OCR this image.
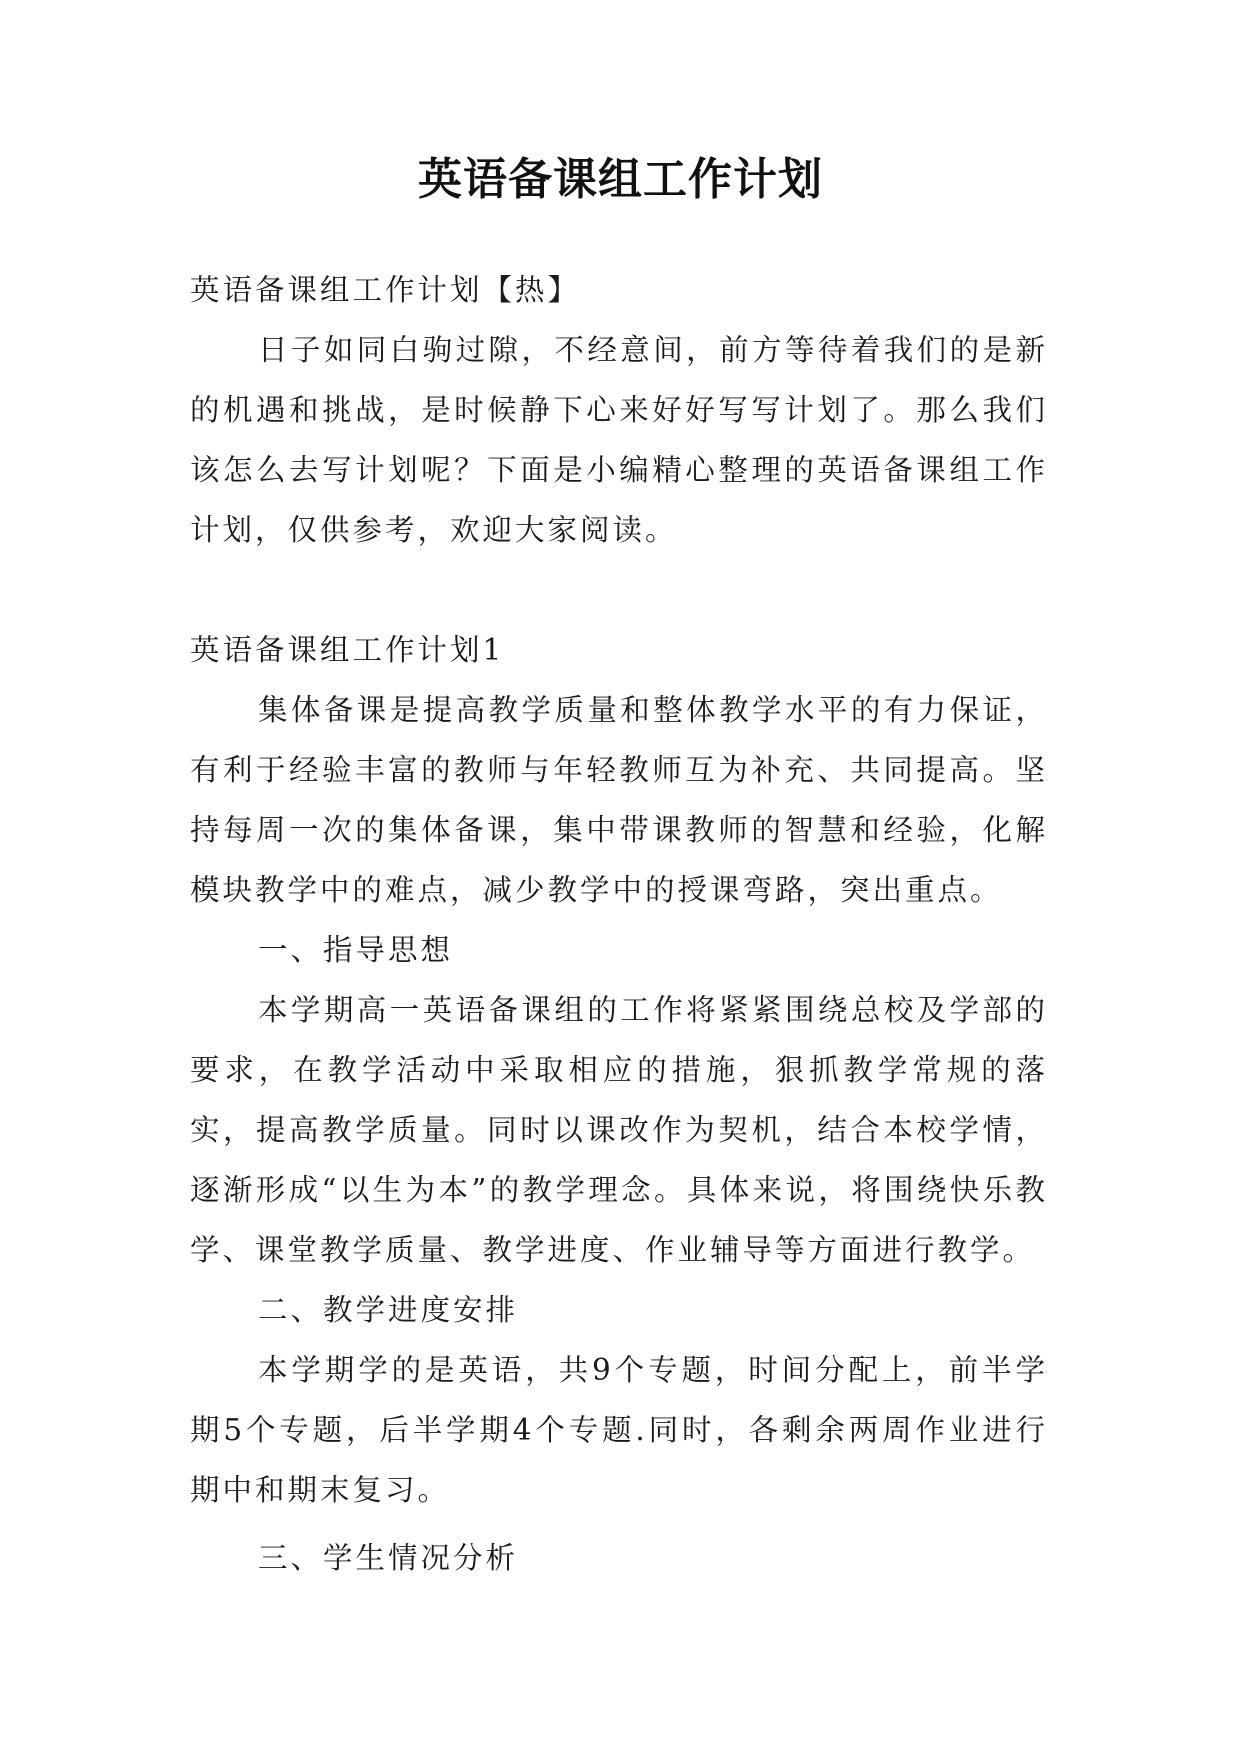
英语备课组工作计划

英语备课组工作计划【热】

日子如同白驹过隙，不经意间，前方等待着我们的是新的机遇和挑战，是时候静下心来好好写写计划了。那么我们该怎么去写计划呢？下面是小编精心整理的英语备课组工作计划，仅供参考，欢迎大家阅读。

英语备课组工作计划1

集体备课是提高教学质量和整体教学水平的有力保证，有利于经验丰富的教师与年轻教师互为补充、共同提高。坚持每周一次的集体备课，集中带课教师的智慧和经验，化解模块教学中的难点，减少教学中的授课弯路，突出重点。

一、指导思想

本学期高一英语备课组的工作将紧紧围绕总校及学部的要求，在教学活动中采取相应的措施，狠抓教学常规的落实，提高教学质量。同时以课改作为契机，结合本校学情，逐渐形成“以生为本”的教学理念。具体来说，将围绕快乐教学、课堂教学质量、教学进度、作业辅导等方面进行教学。

二、教学进度安排

本学期学的是英语，共9个专题，时间分配上，前半学期5个专题，后半学期4个专题.同时，各剩余两周作业进行期中和期末复习。

三、学生情况分析
